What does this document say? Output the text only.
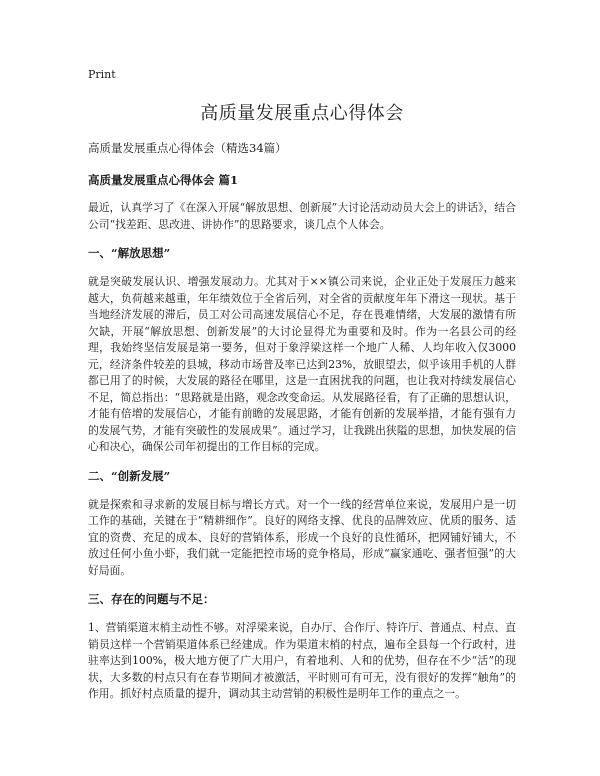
Print
高质量发展重点心得体会

高质量发展重点心得体会（精选34篇）

高质量发展重点心得体会 篇1

最近，认真学习了《在深入开展“解放思想、创新展”大讨论活动动员大会上的讲话》，结合公司“找差距、思改进、讲协作”的思路要求，谈几点个人体会。

一、“解放思想”

就是突破发展认识、增强发展动力。尤其对于××镇公司来说，企业正处于发展压力越来越大，负荷越来越重，年年绩效位于全省后列，对全省的贡献度年年下滑这一现状。基于当地经济发展的滞后，员工对公司高速发展信心不足，存在畏难情绪，大发展的激情有所欠缺，开展“解放思想、创新发展”的大讨论显得尤为重要和及时。作为一名县公司的经理，我始终坚信发展是第一要务，但对于象浮梁这样一个地广人稀、人均年收入仅3000元，经济条件较差的县城，移动市场普及率已达到23%，放眼望去，似乎该用手机的人群都已用了的时候，大发展的路径在哪里，这是一直困扰我的问题，也让我对持续发展信心不足，简总指出：“思路就是出路，观念改变命运。从发展路径看，有了正确的思想认识，才能有倍增的发展信心，才能有前瞻的发展思路，才能有创新的发展举措，才能有强有力的发展气势，才能有突破性的发展成果”。通过学习，让我跳出狭隘的思想，加快发展的信心和决心，确保公司年初提出的工作目标的完成。

二、“创新发展”

就是探索和寻求新的发展目标与增长方式。对一个一线的经营单位来说，发展用户是一切工作的基础，关键在于“精耕细作”。良好的网络支撑、优良的品牌效应、优质的服务、适宜的资费、充足的成本、良好的营销体系，形成一个良好的良性循环，把网铺好铺大，不放过任何小鱼小虾，我们就一定能把控市场的竞争格局，形成“赢家通吃、强者恒强”的大好局面。

三、存在的问题与不足：

1、营销渠道末梢主动性不够。对浮梁来说，自办厅、合作厅、特许厅、普通点、村点、直销员这样一个营销渠道体系已经建成。作为渠道末梢的村点，遍布全县每一个行政村，进驻率达到100%，极大地方便了广大用户，有着地利、人和的优势，但存在不少“活”的现状，大多数的村点只有在春节期间才被激活，平时则可有可无，没有很好的发挥“触角”的作用。抓好村点质量的提升，调动其主动营销的积极性是明年工作的重点之一。
